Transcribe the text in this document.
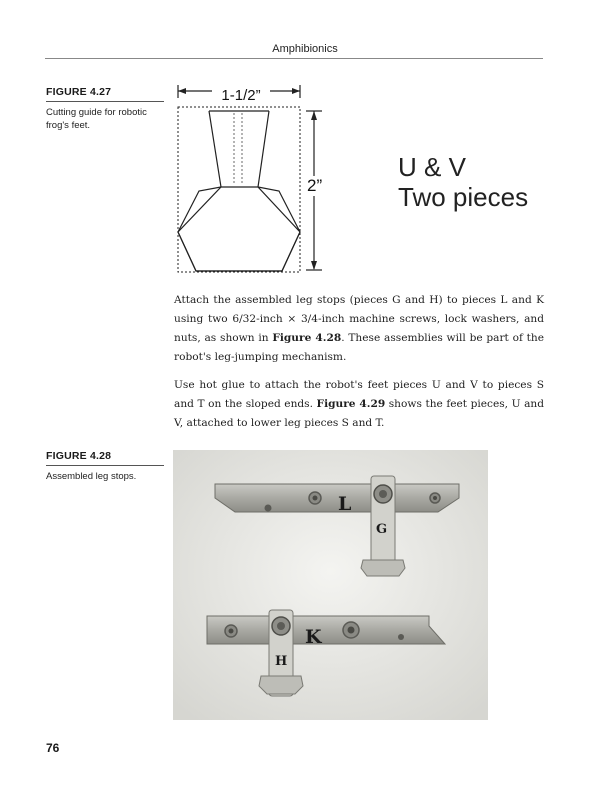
Amphibionics
FIGURE 4.27
Cutting guide for robotic frog's feet.
1-1/2”
2”
U & V
Two pieces
Attach the assembled leg stops (pieces G and H) to pieces L and K using two 6/32-inch × 3/4-inch machine screws, lock washers, and nuts, as shown in Figure 4.28. These assemblies will be part of the robot's leg-jumping mechanism.
Use hot glue to attach the robot's feet pieces U and V to pieces S and T on the sloped ends. Figure 4.29 shows the feet pieces, U and V, attached to lower leg pieces S and T.
FIGURE 4.28
Assembled leg stops.
L
G
K
H
76
